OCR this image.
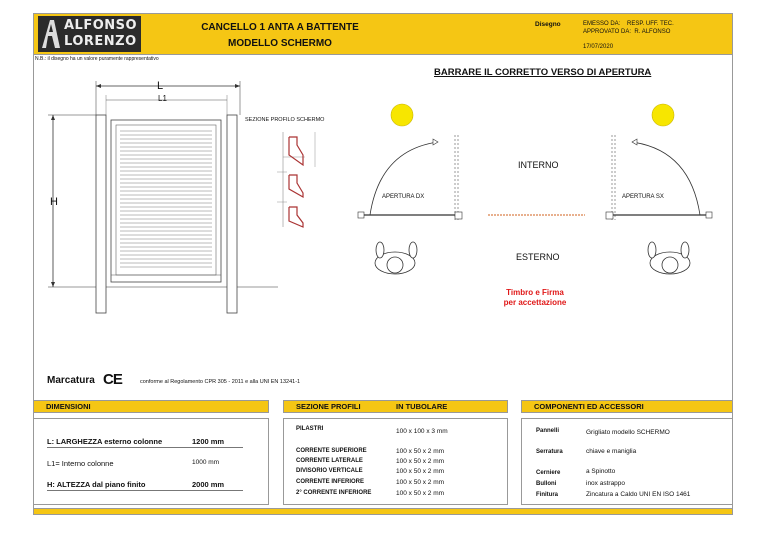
ALFONSO
LORENZO
CANCELLO 1 ANTA A BATTENTE
MODELLO SCHERMO
Disegno	EMESSO DA: RESP. UFF. TEC.
APPROVATO DA: R. ALFONSO
17/07/2020
N.B.: il disegno ha un valore puramente rappresentativo
L
L1
H
SEZIONE PROFILO SCHERMO
BARRARE IL CORRETTO VERSO DI APERTURA
INTERNO
ESTERNO
APERTURA DX	APERTURA SX
Timbro e Firma
per accettazione
Marcatura CE	conforme al Regolamento CPR 305 - 2011 e alla UNI EN 13241-1
DIMENSIONI
L: LARGHEZZA esterno colonne	1200 mm
L1= Interno colonne	1000 mm
H: ALTEZZA dal piano finito	2000 mm
SEZIONE PROFILI	IN TUBOLARE
PILASTRI	100 x 100 x 3 mm
CORRENTE SUPERIORE	100 x 50 x 2 mm
CORRENTE LATERALE	100 x 50 x 2 mm
DIVISORIO VERTICALE	100 x 50 x 2 mm
CORRENTE INFERIORE	100 x 50 x 2 mm
2° CORRENTE INFERIORE	100 x 50 x 2 mm
COMPONENTI ED ACCESSORI
Pannelli	Grigliato modello SCHERMO
Serratura	chiave e maniglia
Cerniere	a Spinotto
Bulloni	inox astrappo
Finitura	Zincatura a Caldo UNI EN ISO 1461
